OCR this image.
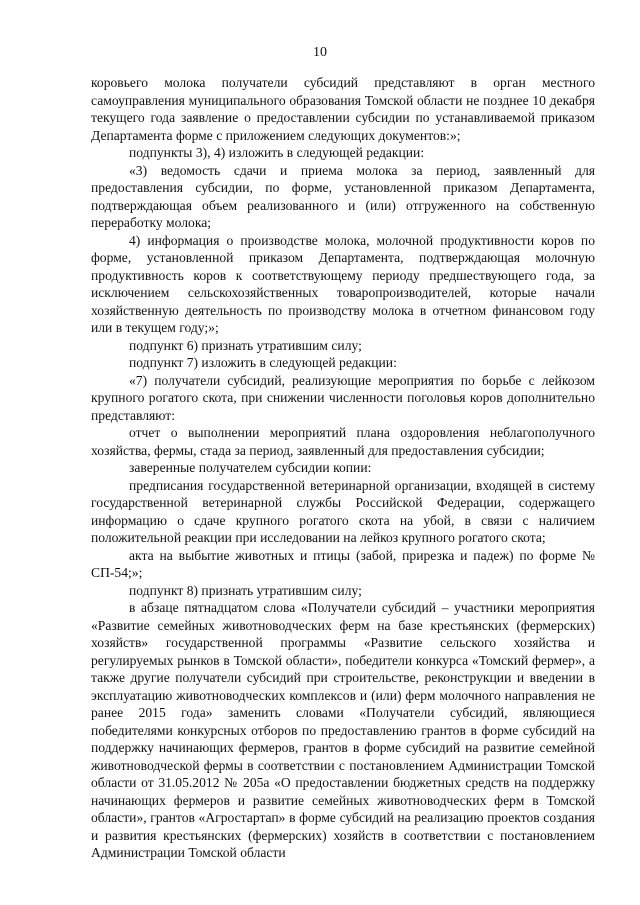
10

коровьего молока получатели субсидий представляют в орган местного самоуправления муниципального образования Томской области не позднее 10 декабря текущего года заявление о предоставлении субсидии по устанавливаемой приказом Департамента форме с приложением следующих документов:»;

подпункты 3), 4) изложить в следующей редакции:

«3) ведомость сдачи и приема молока за период, заявленный для предоставления субсидии, по форме, установленной приказом Департамента, подтверждающая объем реализованного и (или) отгруженного на собственную переработку молока;

4) информация о производстве молока, молочной продуктивности коров по форме, установленной приказом Департамента, подтверждающая молочную продуктивность коров к соответствующему периоду предшествующего года, за исключением сельскохозяйственных товаропроизводителей, которые начали хозяйственную деятельность по производству молока в отчетном финансовом году или в текущем году;»;

подпункт 6) признать утратившим силу;

подпункт 7) изложить в следующей редакции:

«7) получатели субсидий, реализующие мероприятия по борьбе с лейкозом крупного рогатого скота, при снижении численности поголовья коров дополнительно представляют:

отчет о выполнении мероприятий плана оздоровления неблагополучного хозяйства, фермы, стада за период, заявленный для предоставления субсидии;

заверенные получателем субсидии копии:

предписания государственной ветеринарной организации, входящей в систему государственной ветеринарной службы Российской Федерации, содержащего информацию о сдаче крупного рогатого скота на убой, в связи с наличием положительной реакции при исследовании на лейкоз крупного рогатого скота;

акта на выбытие животных и птицы (забой, прирезка и падеж) по форме № СП-54;»;

подпункт 8) признать утратившим силу;

в абзаце пятнадцатом слова «Получатели субсидий – участники мероприятия «Развитие семейных животноводческих ферм на базе крестьянских (фермерских) хозяйств» государственной программы «Развитие сельского хозяйства и регулируемых рынков в Томской области», победители конкурса «Томский фермер», а также другие получатели субсидий при строительстве, реконструкции и введении в эксплуатацию животноводческих комплексов и (или) ферм молочного направления не ранее 2015 года» заменить словами «Получатели субсидий, являющиеся победителями конкурсных отборов по предоставлению грантов в форме субсидий на поддержку начинающих фермеров, грантов в форме субсидий на развитие семейной животноводческой фермы в соответствии с постановлением Администрации Томской области от 31.05.2012 № 205а «О предоставлении бюджетных средств на поддержку начинающих фермеров и развитие семейных животноводческих ферм в Томской области», грантов «Агростартап» в форме субсидий на реализацию проектов создания и развития крестьянских (фермерских) хозяйств в соответствии с постановлением Администрации Томской области
